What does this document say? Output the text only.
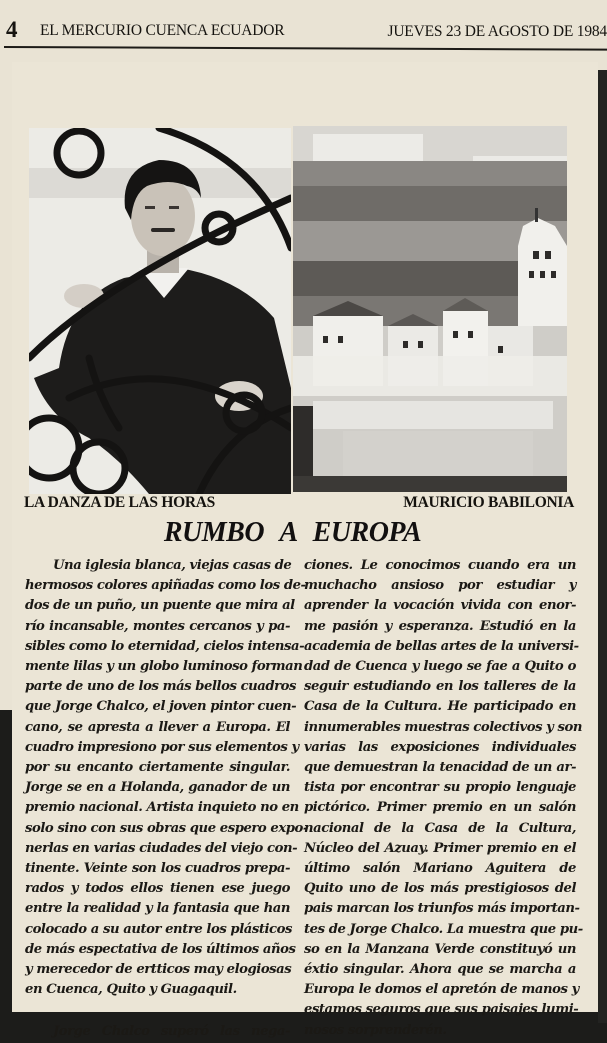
4 EL MERCURIO CUENCA ECUADOR	JUEVES 23 DE AGOSTO DE 1984
LA DANZA DE LAS HORAS	MAURICIO BABILONIA
RUMBO A EUROPA
Una iglesia blanca, viejas casas de
hermosos colores apiñadas como los de-
dos de un puño, un puente que mira al
río incansable, montes cercanos y pa-
sibles como lo eternidad, cielos intensa-
mente lilas y un globo luminoso forman
parte de uno de los más bellos cuadros
que Jorge Chalco, el joven pintor cuen-
cano, se apresta a llever a Europa. El
cuadro impresiono por sus elementos y
por su encanto ciertamente singular.
Jorge se en a Holanda, ganador de un
premio nacional. Artista inquieto no en
solo sino con sus obras que espero expo-
nerlas en varias ciudades del viejo con-
tinente. Veinte son los cuadros prepa-
rados y todos ellos tienen ese juego
entre la realidad y la fantasia que han
colocado a su autor entre los plásticos
de más espectativa de los últimos años
y merecedor de ertticos may elogiosas
en Cuenca, Quito y Guagaquil.
Jorge Chalco superó las nega-
ciones. Le conocimos cuando era un
muchacho ansioso por estudiar y
aprender la vocación vivida con enor-
me pasión y esperanza. Estudió en la
academia de bellas artes de la universi-
dad de Cuenca y luego se fae a Quito o
seguir estudiando en los talleres de la
Casa de la Cultura. He participado en
innumerables muestras colectivos y son
varias las exposiciones individuales
que demuestran la tenacidad de un ar-
tista por encontrar su propio lenguaje
pictórico. Primer premio en un salón
nacional de la Casa de la Cultura,
Núcleo del Azuay. Primer premio en el
último salón Mariano Aguitera de
Quito uno de los más prestigiosos del
pais marcan los triunfos más importan-
tes de Jorge Chalco. La muestra que pu-
so en la Manzana Verde constituyó un
éxtio singular. Ahora que se marcha a
Europa le domos el apretón de manos y
estamos seguros que sus paisajes lumi-
nosos sorprenderén.
